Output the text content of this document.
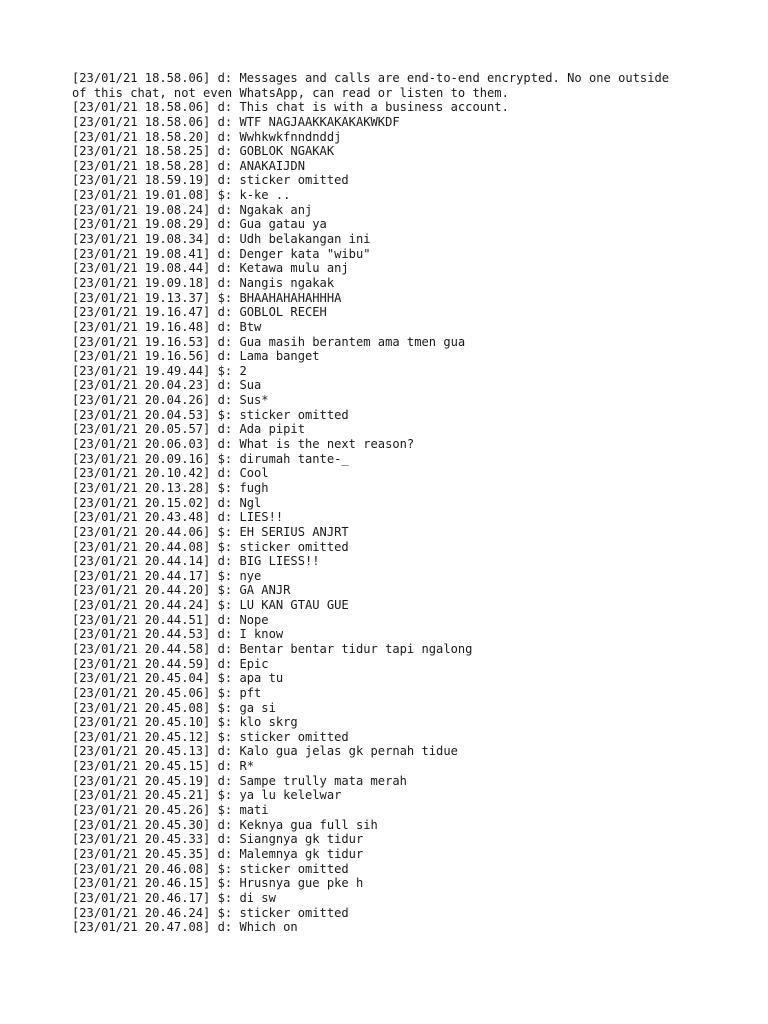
[23/01/21 18.58.06] d: Messages and calls are end-to-end encrypted. No one outside
of this chat, not even WhatsApp, can read or listen to them.
[23/01/21 18.58.06] d: This chat is with a business account.
[23/01/21 18.58.06] d: WTF NAGJAAKKAKAKAKWKDF
[23/01/21 18.58.20] d: Wwhkwkfnndnddj
[23/01/21 18.58.25] d: GOBLOK NGAKAK
[23/01/21 18.58.28] d: ANAKAIJDN
[23/01/21 18.59.19] d: sticker omitted
[23/01/21 19.01.08] $: k-ke ..
[23/01/21 19.08.24] d: Ngakak anj
[23/01/21 19.08.29] d: Gua gatau ya
[23/01/21 19.08.34] d: Udh belakangan ini
[23/01/21 19.08.41] d: Denger kata "wibu"
[23/01/21 19.08.44] d: Ketawa mulu anj
[23/01/21 19.09.18] d: Nangis ngakak
[23/01/21 19.13.37] $: BHAAHAHAHAHHHA
[23/01/21 19.16.47] d: GOBLOL RECEH
[23/01/21 19.16.48] d: Btw
[23/01/21 19.16.53] d: Gua masih berantem ama tmen gua
[23/01/21 19.16.56] d: Lama banget
[23/01/21 19.49.44] $: 2
[23/01/21 20.04.23] d: Sua
[23/01/21 20.04.26] d: Sus*
[23/01/21 20.04.53] $: sticker omitted
[23/01/21 20.05.57] d: Ada pipit
[23/01/21 20.06.03] d: What is the next reason?
[23/01/21 20.09.16] $: dirumah tante-_
[23/01/21 20.10.42] d: Cool
[23/01/21 20.13.28] $: fugh
[23/01/21 20.15.02] d: Ngl
[23/01/21 20.43.48] d: LIES!!
[23/01/21 20.44.06] $: EH SERIUS ANJRT
[23/01/21 20.44.08] $: sticker omitted
[23/01/21 20.44.14] d: BIG LIESS!!
[23/01/21 20.44.17] $: nye
[23/01/21 20.44.20] $: GA ANJR
[23/01/21 20.44.24] $: LU KAN GTAU GUE
[23/01/21 20.44.51] d: Nope
[23/01/21 20.44.53] d: I know
[23/01/21 20.44.58] d: Bentar bentar tidur tapi ngalong
[23/01/21 20.44.59] d: Epic
[23/01/21 20.45.04] $: apa tu
[23/01/21 20.45.06] $: pft
[23/01/21 20.45.08] $: ga si
[23/01/21 20.45.10] $: klo skrg
[23/01/21 20.45.12] $: sticker omitted
[23/01/21 20.45.13] d: Kalo gua jelas gk pernah tidue
[23/01/21 20.45.15] d: R*
[23/01/21 20.45.19] d: Sampe trully mata merah
[23/01/21 20.45.21] $: ya lu kelelwar
[23/01/21 20.45.26] $: mati
[23/01/21 20.45.30] d: Keknya gua full sih
[23/01/21 20.45.33] d: Siangnya gk tidur
[23/01/21 20.45.35] d: Malemnya gk tidur
[23/01/21 20.46.08] $: sticker omitted
[23/01/21 20.46.15] $: Hrusnya gue pke h
[23/01/21 20.46.17] $: di sw
[23/01/21 20.46.24] $: sticker omitted
[23/01/21 20.47.08] d: Which on
